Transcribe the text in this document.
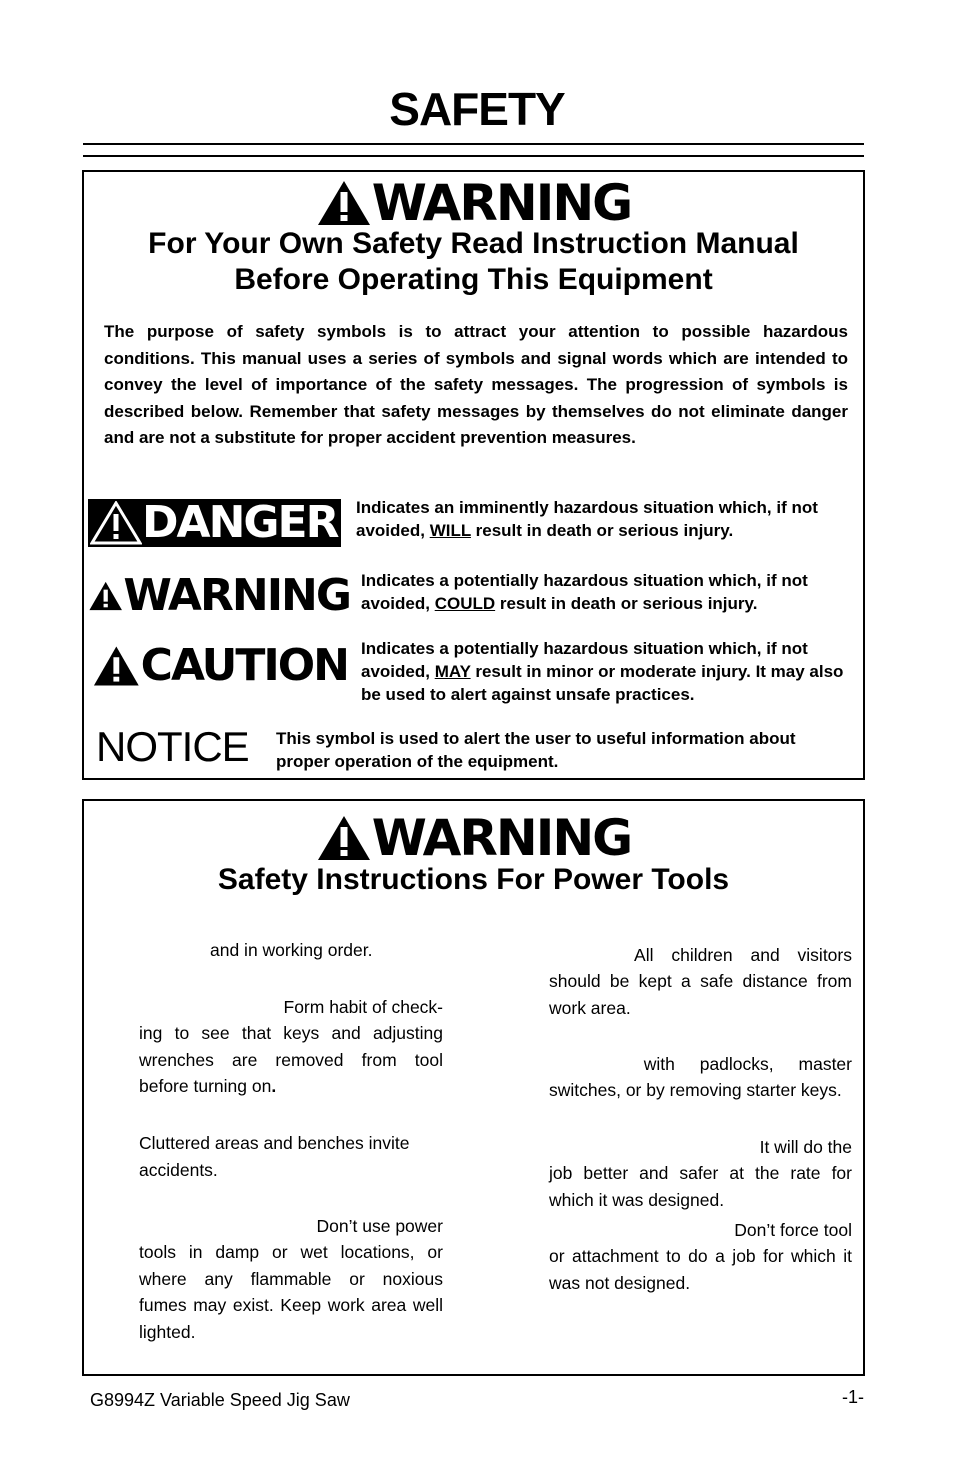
SAFETY
WARNING
For Your Own Safety Read Instruction Manual
Before Operating This Equipment
The purpose of safety symbols is to attract your attention to possible hazardous conditions. This manual uses a series of symbols and signal words which are intended to convey the level of importance of the safety messages. The progression of symbols is described below. Remember that safety messages by themselves do not eliminate danger and are not a substitute for proper accident prevention measures.
DANGER Indicates an imminently hazardous situation which, if not avoided, WILL result in death or serious injury.
WARNING Indicates a potentially hazardous situation which, if not avoided, COULD result in death or serious injury.
CAUTION Indicates a potentially hazardous situation which, if not avoided, MAY result in minor or moderate injury. It may also be used to alert against unsafe practices.
NOTICE This symbol is used to alert the user to useful information about proper operation of the equipment.
WARNING
Safety Instructions For Power Tools
and in working order.
Form habit of check-
ing to see that keys and adjusting wrenches are removed from tool before turning on.
Cluttered areas and benches invite accidents.
Don’t use power
tools in damp or wet locations, or where any flammable or noxious fumes may exist. Keep work area well lighted.
All children and visitors
should be kept a safe distance from work area.
with padlocks, master
switches, or by removing starter keys.
It will do the
job better and safer at the rate for which it was designed.
Don’t force tool
or attachment to do a job for which it was not designed.
G8994Z Variable Speed Jig Saw	-1-
